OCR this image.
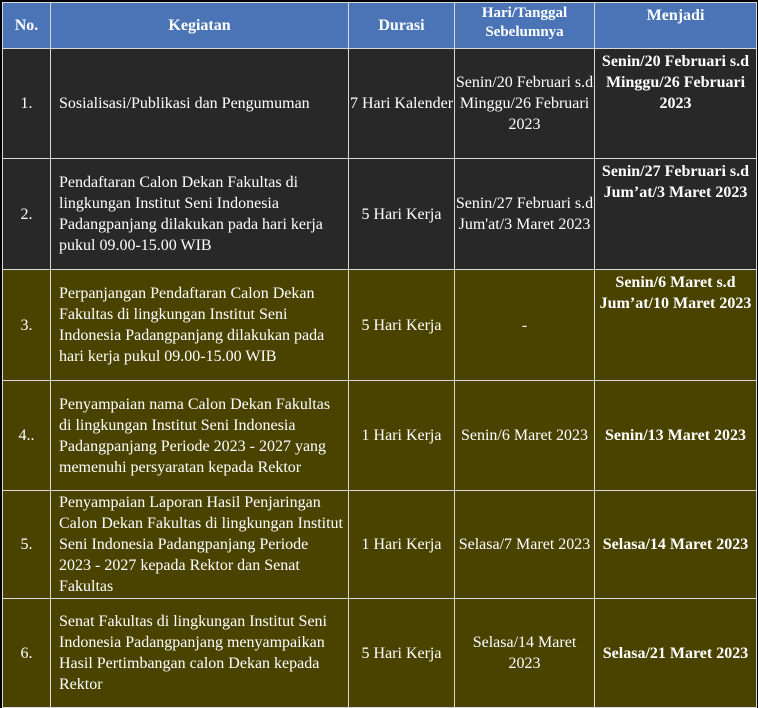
No.	Kegiatan	Durasi	Hari/Tanggal Sebelumnya	Menjadi
1.	Sosialisasi/Publikasi dan Pengumuman	7 Hari Kalender	Senin/20 Februari s.d Minggu/26 Februari 2023	Senin/20 Februari s.d Minggu/26 Februari 2023
2.	Pendaftaran Calon Dekan Fakultas di lingkungan Institut Seni Indonesia Padangpanjang dilakukan pada hari kerja pukul 09.00-15.00 WIB	5 Hari Kerja	Senin/27 Februari s.d Jum'at/3 Maret 2023	Senin/27 Februari s.d Jum’at/3 Maret 2023
3.	Perpanjangan Pendaftaran Calon Dekan Fakultas di lingkungan Institut Seni Indonesia Padangpanjang dilakukan pada hari kerja pukul 09.00-15.00 WIB	5 Hari Kerja	-	Senin/6 Maret s.d Jum’at/10 Maret 2023
4..	Penyampaian nama Calon Dekan Fakultas di lingkungan Institut Seni Indonesia Padangpanjang Periode 2023 - 2027 yang memenuhi persyaratan kepada Rektor	1 Hari Kerja	Senin/6 Maret 2023	Senin/13 Maret 2023
5.	Penyampaian Laporan Hasil Penjaringan Calon Dekan Fakultas di lingkungan Institut Seni Indonesia Padangpanjang Periode 2023 - 2027 kepada Rektor dan Senat Fakultas	1 Hari Kerja	Selasa/7 Maret 2023	Selasa/14 Maret 2023
6.	Senat Fakultas di lingkungan Institut Seni Indonesia Padangpanjang menyampaikan Hasil Pertimbangan calon Dekan kepada Rektor	5 Hari Kerja	Selasa/14 Maret 2023	Selasa/21 Maret 2023
